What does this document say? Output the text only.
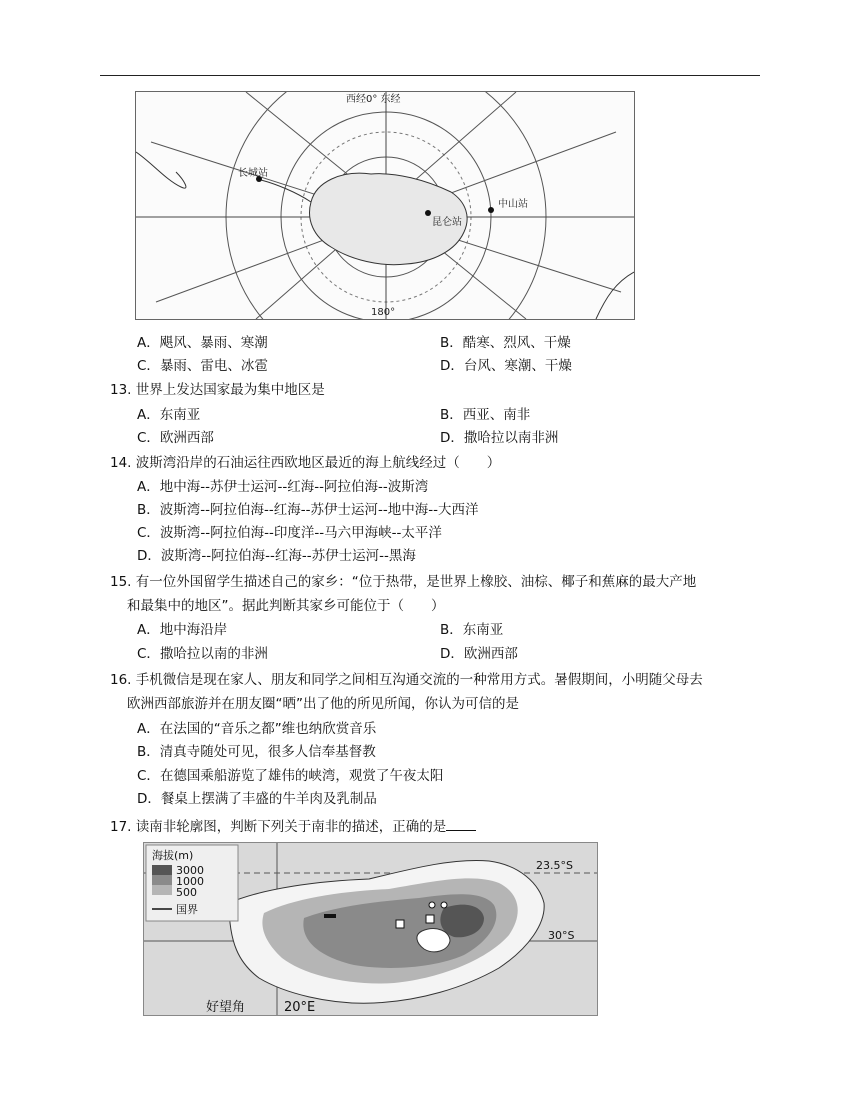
西经0° 东经
180°
长城站
中山站
昆仑站
A．飓风、暴雨、寒潮	B．酷寒、烈风、干燥
C．暴雨、雷电、冰雹	D．台风、寒潮、干燥
13. 世界上发达国家最为集中地区是
A．东南亚	B．西亚、南非
C．欧洲西部	D．撒哈拉以南非洲
14. 波斯湾沿岸的石油运往西欧地区最近的海上航线经过（　　）
A．地中海--苏伊士运河--红海--阿拉伯海--波斯湾
B．波斯湾--阿拉伯海--红海--苏伊士运河--地中海--大西洋
C．波斯湾--阿拉伯海--印度洋--马六甲海峡--太平洋
D．波斯湾--阿拉伯海--红海--苏伊士运河--黑海
15. 有一位外国留学生描述自己的家乡：“位于热带，是世界上橡胶、油棕、椰子和蕉麻的最大产地
和最集中的地区”。据此判断其家乡可能位于（　　）
A．地中海沿岸	B．东南亚
C．撒哈拉以南的非洲	D．欧洲西部
16. 手机微信是现在家人、朋友和同学之间相互沟通交流的一种常用方式。暑假期间，小明随父母去
欧洲西部旅游并在朋友圈“晒”出了他的所见所闻，你认为可信的是
A．在法国的“音乐之都”维也纳欣赏音乐
B．清真寺随处可见，很多人信奉基督教
C．在德国乘船游览了雄伟的峡湾，观赏了午夜太阳
D．餐桌上摆满了丰盛的牛羊肉及乳制品
17. 读南非轮廓图，判断下列关于南非的描述，正确的是
海拔(m)
3000
1000
500
国界
23.5°S
30°S
好望角	20°E
